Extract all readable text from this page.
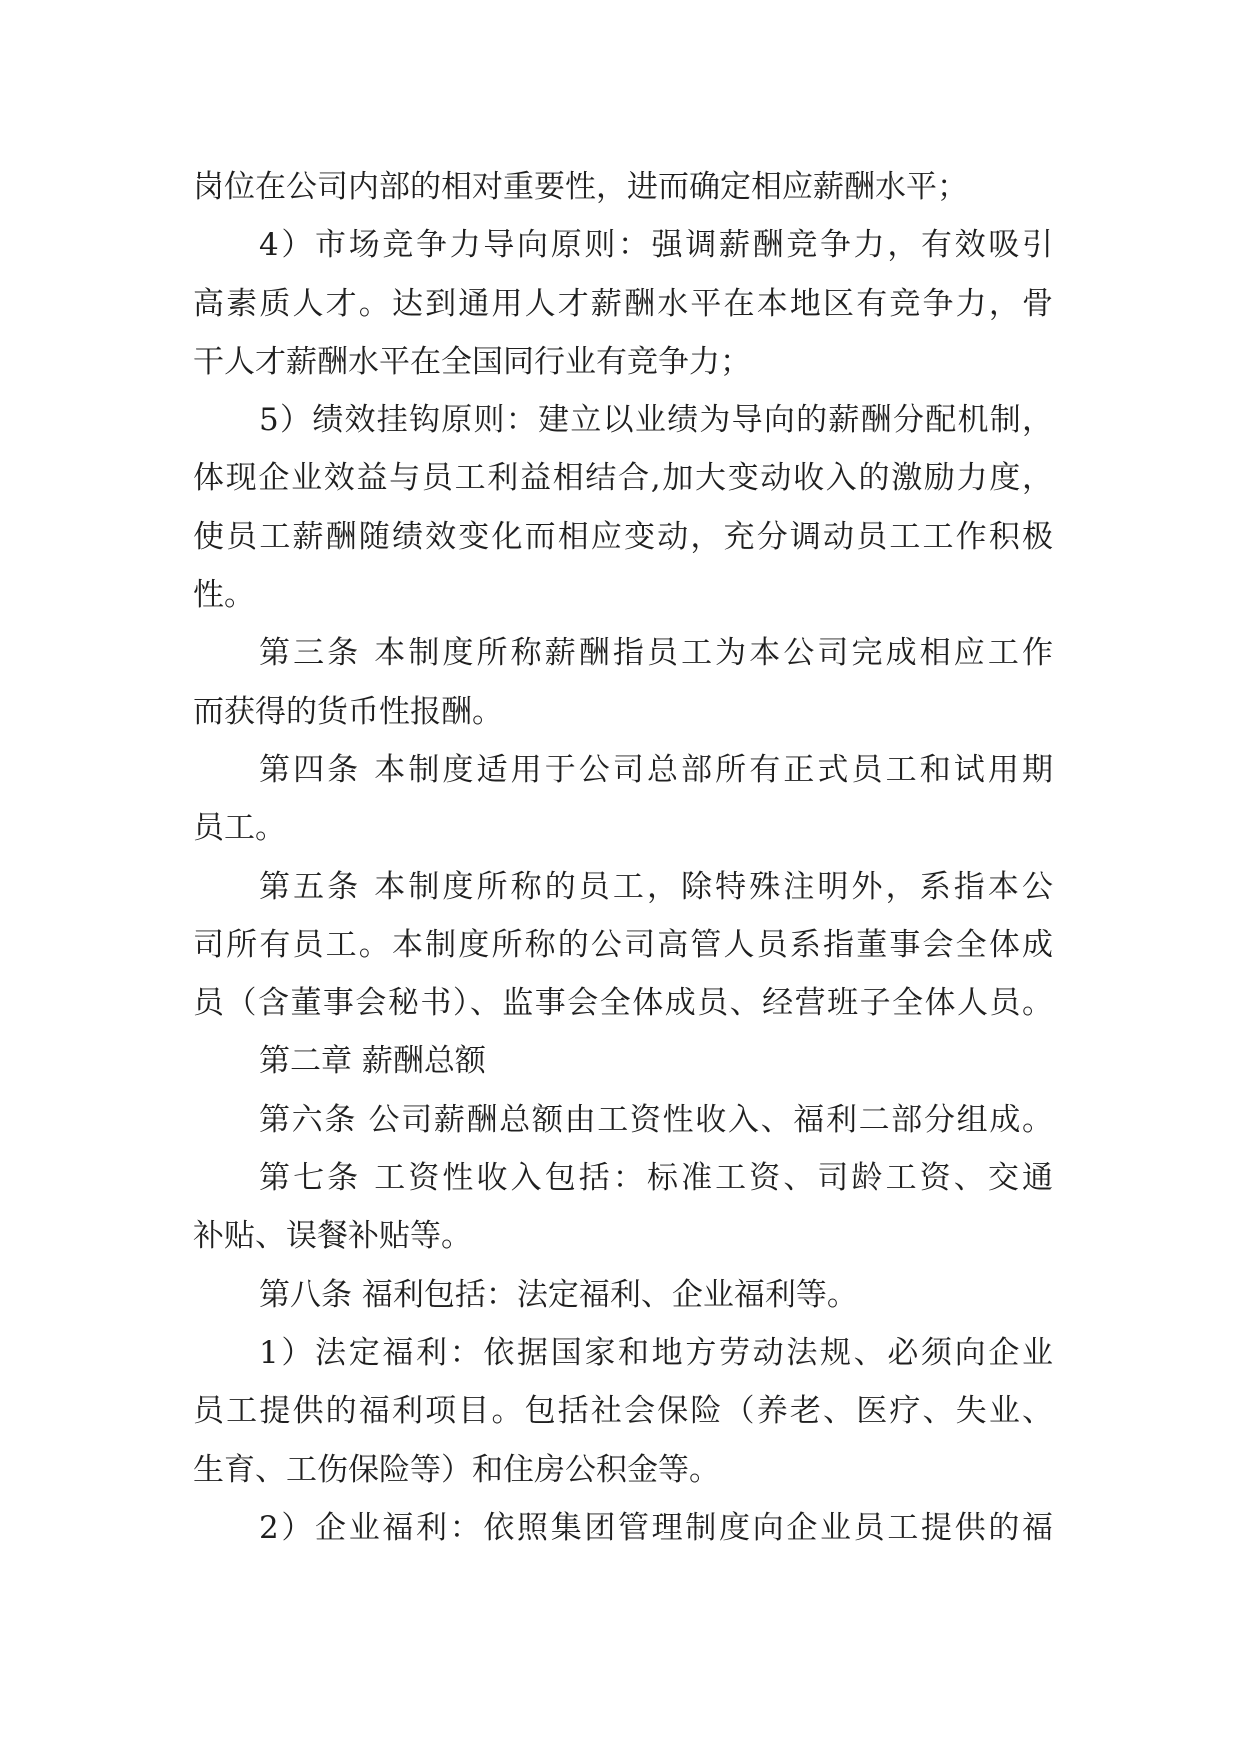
岗位在公司内部的相对重要性，进而确定相应薪酬水平；
4）市场竞争力导向原则：强调薪酬竞争力，有效吸引
高素质人才。达到通用人才薪酬水平在本地区有竞争力，骨
干人才薪酬水平在全国同行业有竞争力；
5）绩效挂钩原则：建立以业绩为导向的薪酬分配机制，
体现企业效益与员工利益相结合,加大变动收入的激励力度，
使员工薪酬随绩效变化而相应变动，充分调动员工工作积极
性。
第三条 本制度所称薪酬指员工为本公司完成相应工作
而获得的货币性报酬。
第四条 本制度适用于公司总部所有正式员工和试用期
员工。
第五条 本制度所称的员工，除特殊注明外，系指本公
司所有员工。本制度所称的公司高管人员系指董事会全体成
员（含董事会秘书）、监事会全体成员、经营班子全体人员。
第二章 薪酬总额
第六条 公司薪酬总额由工资性收入、福利二部分组成。
第七条 工资性收入包括：标准工资、司龄工资、交通
补贴、误餐补贴等。
第八条 福利包括：法定福利、企业福利等。
1）法定福利：依据国家和地方劳动法规、必须向企业
员工提供的福利项目。包括社会保险（养老、医疗、失业、
生育、工伤保险等）和住房公积金等。
2）企业福利：依照集团管理制度向企业员工提供的福
